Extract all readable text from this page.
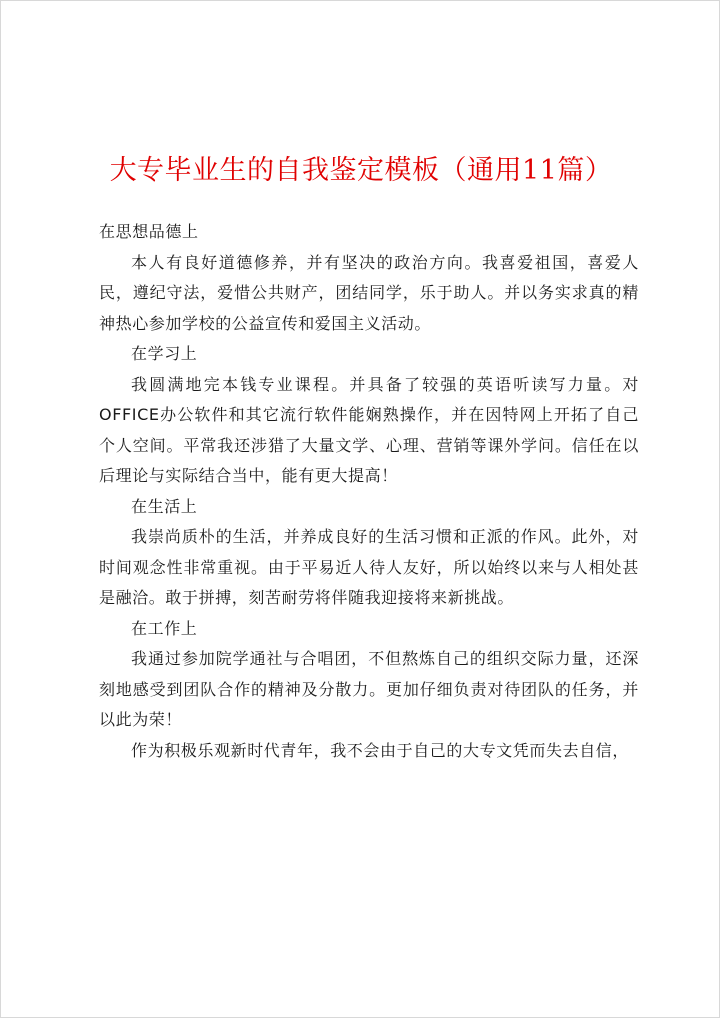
大专毕业生的自我鉴定模板（通用11篇）

在思想品德上

本人有良好道德修养，并有坚决的政治方向。我喜爱祖国，喜爱人民，遵纪守法，爱惜公共财产，团结同学，乐于助人。并以务实求真的精神热心参加学校的公益宣传和爱国主义活动。

在学习上

我圆满地完本钱专业课程。并具备了较强的英语听读写力量。对OFFICE办公软件和其它流行软件能娴熟操作，并在因特网上开拓了自己个人空间。平常我还涉猎了大量文学、心理、营销等课外学问。信任在以后理论与实际结合当中，能有更大提高！

在生活上

我崇尚质朴的生活，并养成良好的生活习惯和正派的作风。此外，对时间观念性非常重视。由于平易近人待人友好，所以始终以来与人相处甚是融洽。敢于拼搏，刻苦耐劳将伴随我迎接将来新挑战。

在工作上

我通过参加院学通社与合唱团，不但熬炼自己的组织交际力量，还深刻地感受到团队合作的精神及分散力。更加仔细负责对待团队的任务，并以此为荣！

作为积极乐观新时代青年，我不会由于自己的大专文凭而失去自信，
